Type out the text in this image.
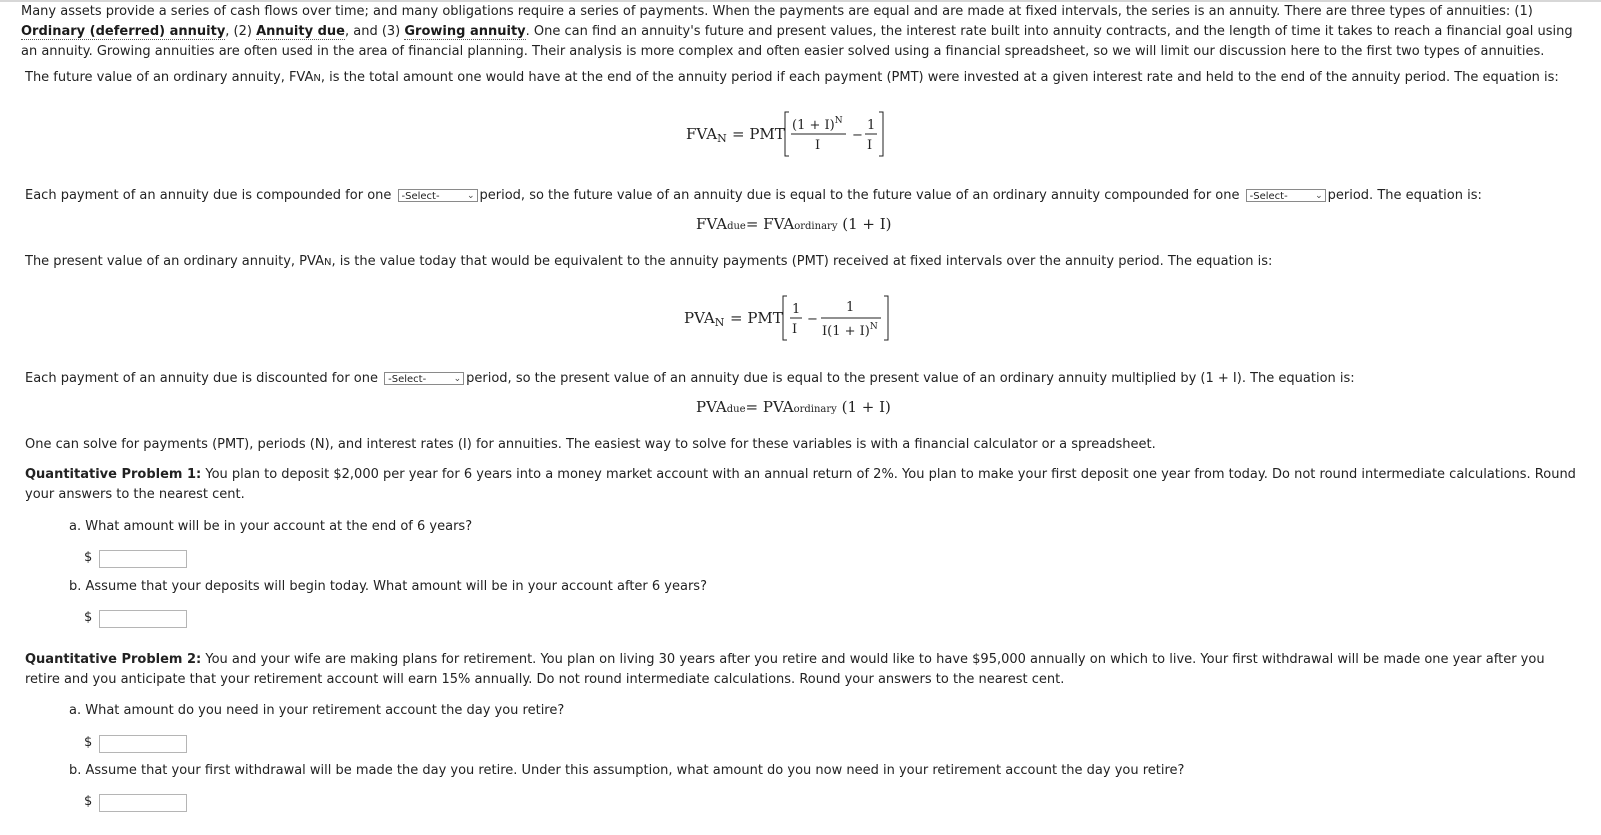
Many assets provide a series of cash flows over time; and many obligations require a series of payments. When the payments are equal and are made at fixed intervals, the series is an annuity. There are three types of annuities: (1) Ordinary (deferred) annuity, (2) Annuity due, and (3) Growing annuity. One can find an annuity's future and present values, the interest rate built into annuity contracts, and the length of time it takes to reach a financial goal using an annuity. Growing annuities are often used in the area of financial planning. Their analysis is more complex and often easier solved using a financial spreadsheet, so we will limit our discussion here to the first two types of annuities.

The future value of an ordinary annuity, FVAN, is the total amount one would have at the end of the annuity period if each payment (PMT) were invested at a given interest rate and held to the end of the annuity period. The equation is:

$FVA_N$ = PMT $(1 + I)^N$
I
−
1
I

Each payment of an annuity due is compounded for one -Select-	⌄ period, so the future value of an annuity due is equal to the future value of an ordinary annuity compounded for one -Select-	⌄ period. The equation is:

FVAdue= FVAordinary (1 + I)

The present value of an ordinary annuity, PVAN, is the value today that would be equivalent to the annuity payments (PMT) received at fixed intervals over the annuity period. The equation is:

$PVA_N$ = PMT 1
I
−
1
$I(1 + I)^N$

Each payment of an annuity due is discounted for one -Select-	⌄ period, so the present value of an annuity due is equal to the present value of an ordinary annuity multiplied by (1 + I). The equation is:

PVAdue= PVAordinary (1 + I)

One can solve for payments (PMT), periods (N), and interest rates (I) for annuities. The easiest way to solve for these variables is with a financial calculator or a spreadsheet.

Quantitative Problem 1: You plan to deposit $2,000 per year for 6 years into a money market account with an annual return of 2%. You plan to make your first deposit one year from today. Do not round intermediate calculations. Round your answers to the nearest cent.

a. What amount will be in your account at the end of 6 years?
$
b. Assume that your deposits will begin today. What amount will be in your account after 6 years?
$

Quantitative Problem 2: You and your wife are making plans for retirement. You plan on living 30 years after you retire and would like to have $95,000 annually on which to live. Your first withdrawal will be made one year after you retire and you anticipate that your retirement account will earn 15% annually. Do not round intermediate calculations. Round your answers to the nearest cent.

a. What amount do you need in your retirement account the day you retire?
$
b. Assume that your first withdrawal will be made the day you retire. Under this assumption, what amount do you now need in your retirement account the day you retire?
$
